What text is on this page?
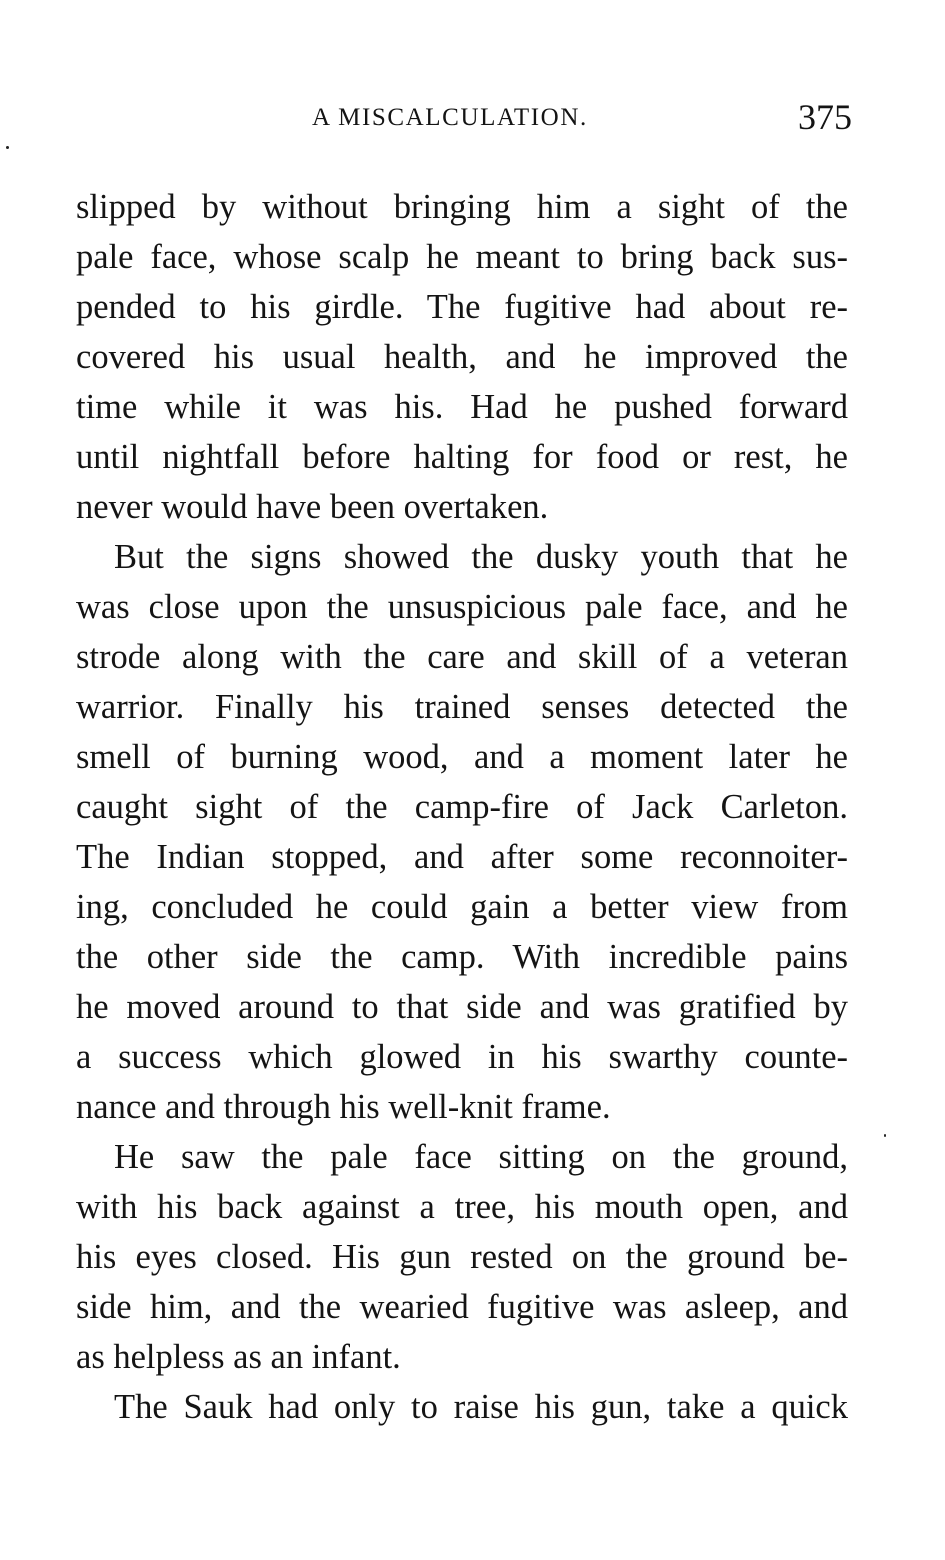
A MISCALCULATION.	375
slipped by without bringing him a sight of the
pale face, whose scalp he meant to bring back sus-
pended to his girdle. The fugitive had about re-
covered his usual health, and he improved the
time while it was his. Had he pushed forward
until nightfall before halting for food or rest, he
never would have been overtaken.
But the signs showed the dusky youth that he
was close upon the unsuspicious pale face, and he
strode along with the care and skill of a veteran
warrior. Finally his trained senses detected the
smell of burning wood, and a moment later he
caught sight of the camp-fire of Jack Carleton.
The Indian stopped, and after some reconnoiter-
ing, concluded he could gain a better view from
the other side the camp. With incredible pains
he moved around to that side and was gratified by
a success which glowed in his swarthy counte-
nance and through his well-knit frame.
He saw the pale face sitting on the ground,
with his back against a tree, his mouth open, and
his eyes closed. His gun rested on the ground be-
side him, and the wearied fugitive was asleep, and
as helpless as an infant.
The Sauk had only to raise his gun, take a quick
